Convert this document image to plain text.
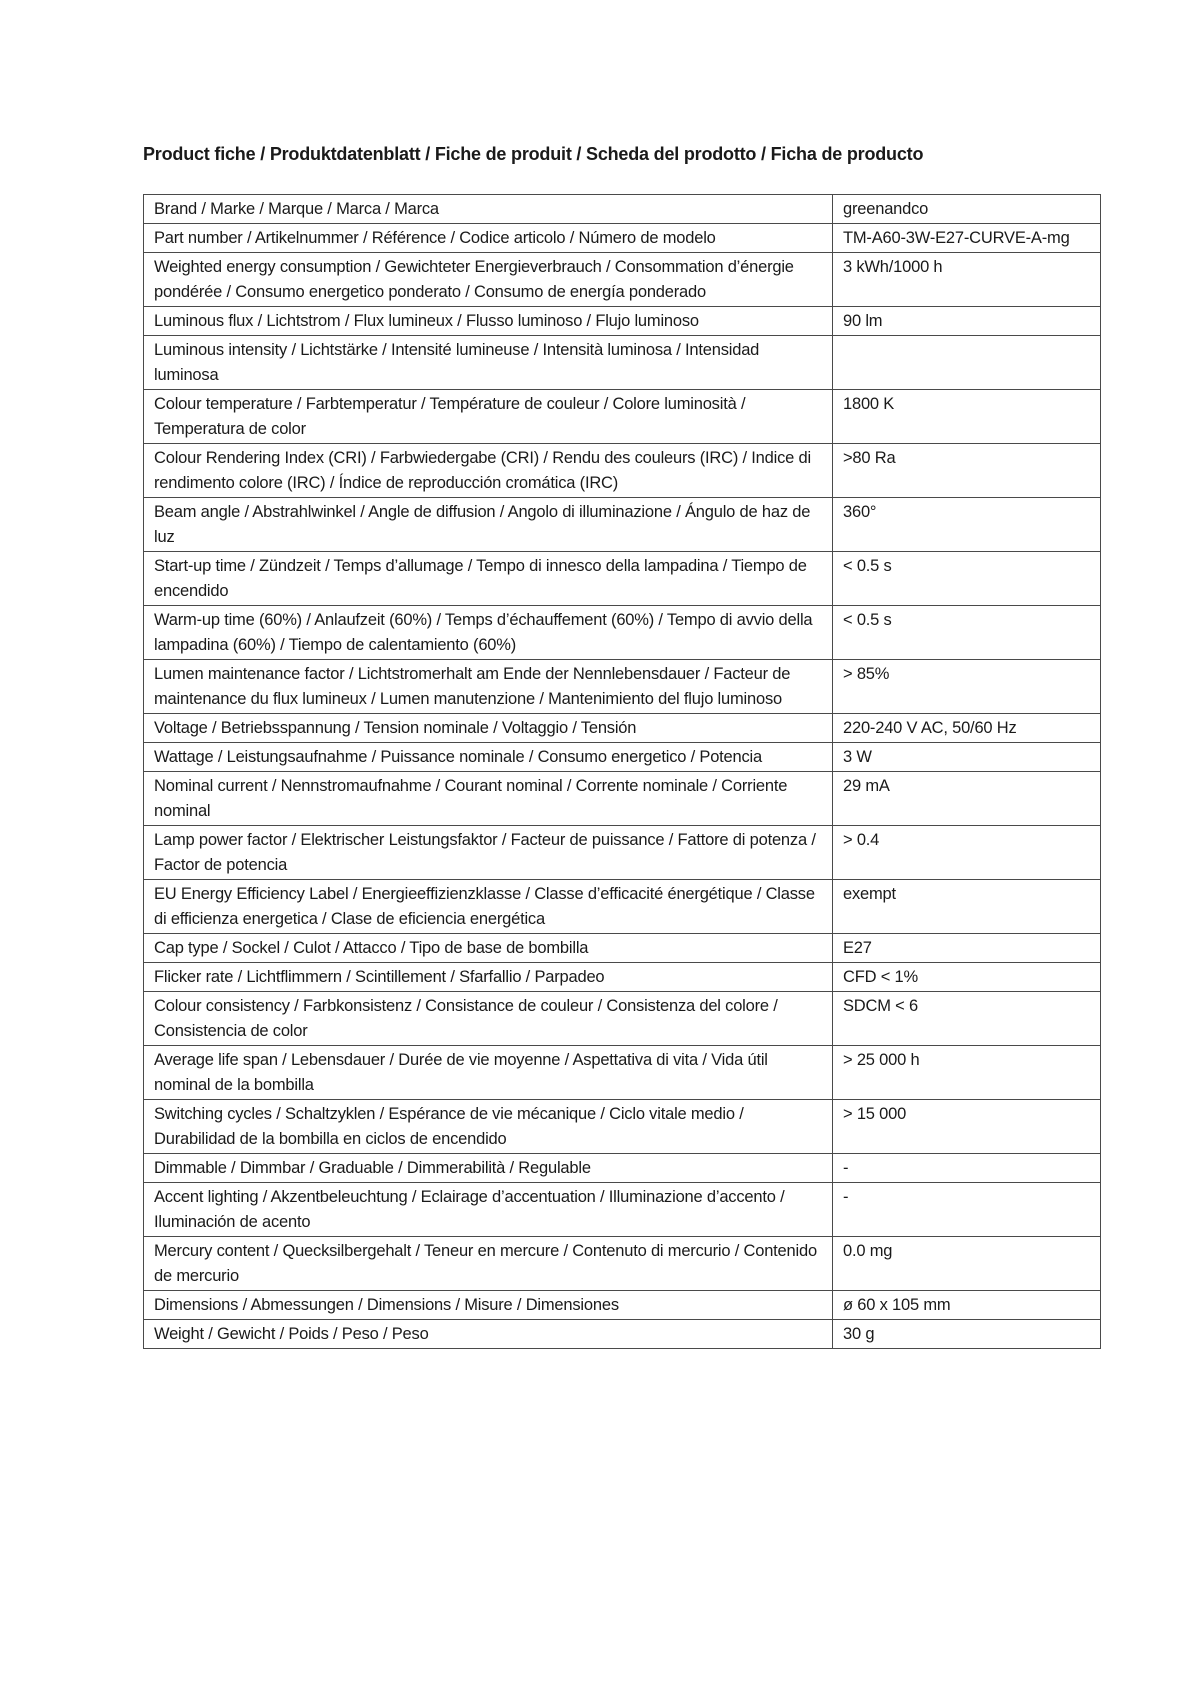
Product fiche / Produktdatenblatt / Fiche de produit / Scheda del prodotto / Ficha de producto
Brand / Marke / Marque / Marca / Marca	greenandco
Part number / Artikelnummer / Référence / Codice articolo / Número de modelo	TM-A60-3W-E27-CURVE-A-mg
Weighted energy consumption / Gewichteter Energieverbrauch / Consommation d’énergie pondérée / Consumo energetico ponderato / Consumo de energía ponderado	3 kWh/1000 h
Luminous flux / Lichtstrom / Flux lumineux / Flusso luminoso / Flujo luminoso	90 lm
Luminous intensity / Lichtstärke / Intensité lumineuse / Intensità luminosa / Intensidad luminosa	
Colour temperature / Farbtemperatur / Température de couleur / Colore luminosità / Temperatura de color	1800 K
Colour Rendering Index (CRI) / Farbwiedergabe (CRI) / Rendu des couleurs (IRC) / Indice di rendimento colore (IRC) / Índice de reproducción cromática (IRC)	>80 Ra
Beam angle / Abstrahlwinkel / Angle de diffusion / Angolo di illuminazione / Ángulo de haz de luz	360°
Start-up time / Zündzeit / Temps d’allumage / Tempo di innesco della lampadina / Tiempo de encendido	< 0.5 s
Warm-up time (60%) / Anlaufzeit (60%) / Temps d’échauffement (60%) / Tempo di avvio della lampadina (60%) / Tiempo de calentamiento (60%)	< 0.5 s
Lumen maintenance factor / Lichtstromerhalt am Ende der Nennlebensdauer / Facteur de maintenance du flux lumineux / Lumen manutenzione / Mantenimiento del flujo luminoso	> 85%
Voltage / Betriebsspannung / Tension nominale / Voltaggio / Tensión	220-240 V AC, 50/60 Hz
Wattage / Leistungsaufnahme / Puissance nominale / Consumo energetico / Potencia	3 W
Nominal current / Nennstromaufnahme / Courant nominal / Corrente nominale / Corriente nominal	29 mA
Lamp power factor / Elektrischer Leistungsfaktor / Facteur de puissance / Fattore di potenza / Factor de potencia	> 0.4
EU Energy Efficiency Label / Energieeffizienzklasse / Classe d’efficacité énergétique / Classe di efficienza energetica / Clase de eficiencia energética	exempt
Cap type / Sockel / Culot / Attacco / Tipo de base de bombilla	E27
Flicker rate / Lichtflimmern / Scintillement / Sfarfallio / Parpadeo	CFD < 1%
Colour consistency / Farbkonsistenz / Consistance de couleur / Consistenza del colore / Consistencia de color	SDCM < 6
Average life span / Lebensdauer / Durée de vie moyenne / Aspettativa di vita / Vida útil nominal de la bombilla	> 25 000 h
Switching cycles / Schaltzyklen / Espérance de vie mécanique / Ciclo vitale medio / Durabilidad de la bombilla en ciclos de encendido	> 15 000
Dimmable / Dimmbar / Graduable / Dimmerabilità / Regulable	-
Accent lighting / Akzentbeleuchtung / Eclairage d’accentuation / Illuminazione d’accento / Iluminación de acento	-
Mercury content / Quecksilbergehalt / Teneur en mercure / Contenuto di mercurio / Contenido de mercurio	0.0 mg
Dimensions / Abmessungen / Dimensions / Misure / Dimensiones	ø 60 x 105 mm
Weight / Gewicht / Poids / Peso / Peso	30 g
